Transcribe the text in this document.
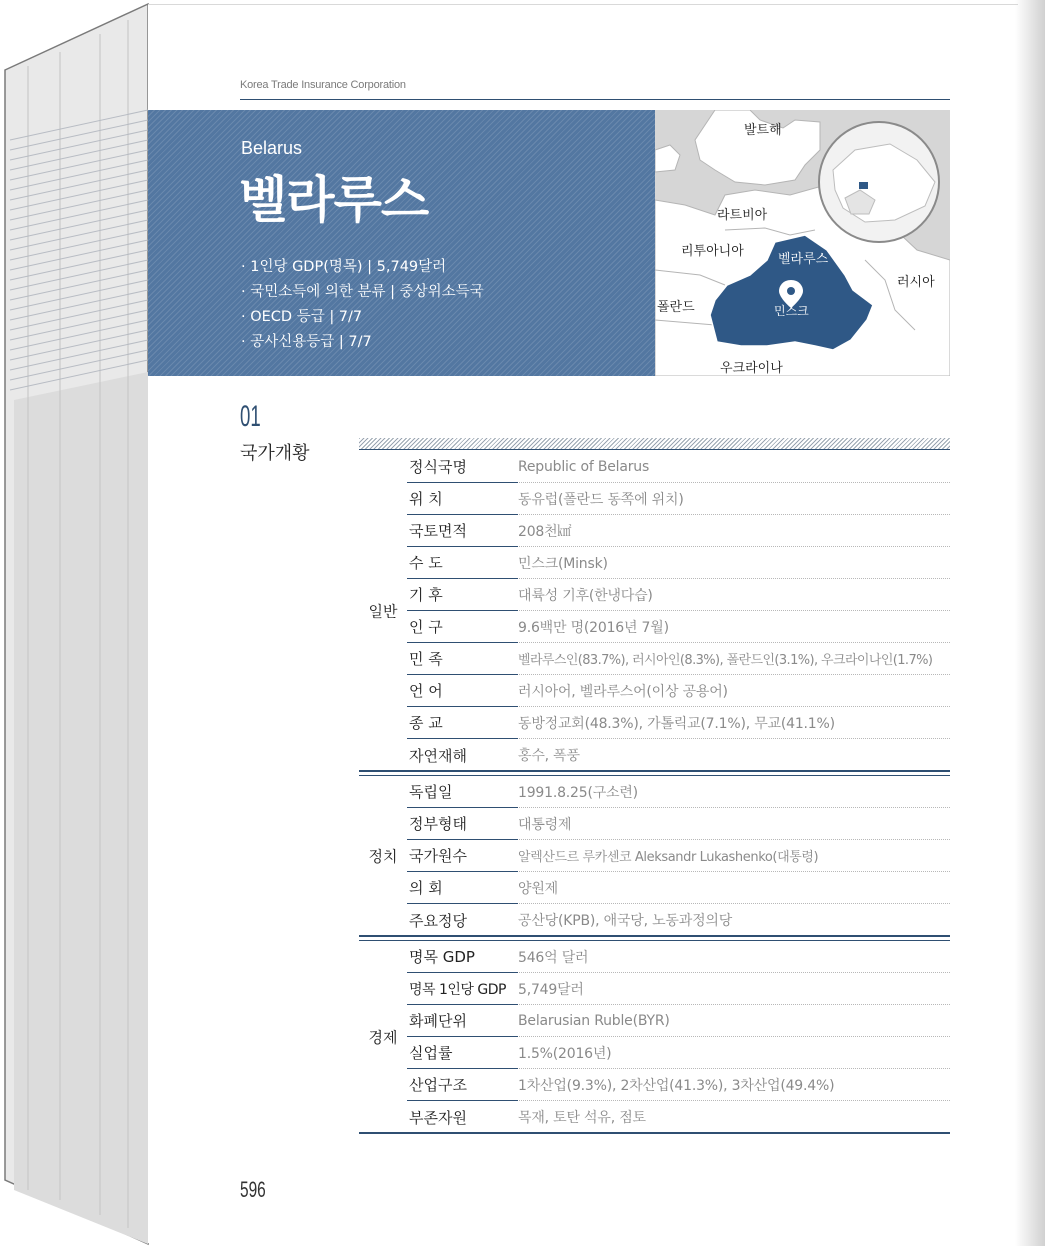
Korea Trade Insurance Corporation
Belarus
벨라루스
· 1인당 GDP(명목) | 5,749달러
· 국민소득에 의한 분류 | 중상위소득국
· OECD 등급 | 7/7
· 공사신용등급 | 7/7
발트해
라트비아
리투아니아
러시아
폴란드
우크라이나
벨라루스
민스크
01
국가개황
일반
정식국명	Republic of Belarus
위 치	동유럽(폴란드 동쪽에 위치)
국토면적	208천㎢
수 도	민스크(Minsk)
기 후	대륙성 기후(한냉다습)
인 구	9.6백만 명(2016년 7월)
민 족	벨라루스인(83.7%), 러시아인(8.3%), 폴란드인(3.1%), 우크라이나인(1.7%)
언 어	러시아어, 벨라루스어(이상 공용어)
종 교	동방정교회(48.3%), 가톨릭교(7.1%), 무교(41.1%)
자연재해	홍수, 폭풍
정치
독립일	1991.8.25(구소련)
정부형태	대통령제
국가원수	알렉산드르 루카센코 Aleksandr Lukashenko(대통령)
의 회	양원제
주요정당	공산당(KPB), 애국당, 노동과정의당
경제
명목 GDP	546억 달러
명목 1인당 GDP 5,749달러
화폐단위	Belarusian Ruble(BYR)
실업률	1.5%(2016년)
산업구조	1차산업(9.3%), 2차산업(41.3%), 3차산업(49.4%)
부존자원	목재, 토탄 석유, 점토
596
